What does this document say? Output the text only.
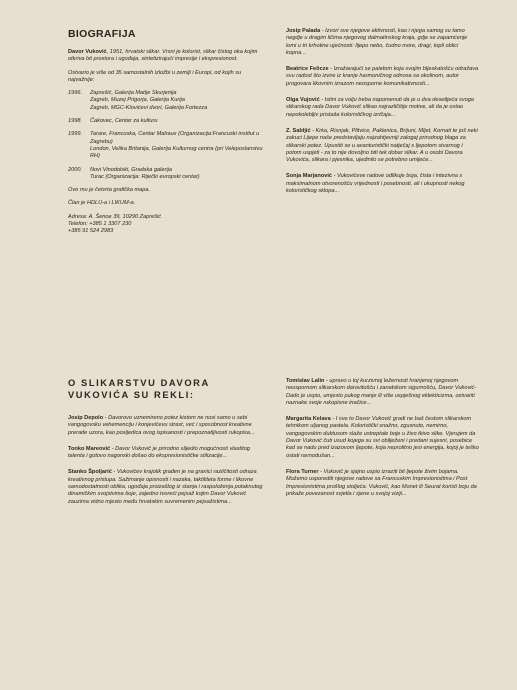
BIOGRAFIJA

Davor Vuković, 1951, hrvatski slikar. Vrsni je kolorist, slikar čistog oka kojim otkriva bit prostora i ugođaja, sintetizirajući impresije i ekspresionost.

Ostvario je više od 35 samostalnih izložbi u zemlji i Europi, od kojih su najvažnije:

1996.	Zaprešić, Galerija Matije Skurjenija
Zagreb, Muzej Prigorja, Galerija Kurija
Zagreb, MGC-Klovićevi dvori, Galerija Fortezza
1998.	Čakovec, Centar za kulturu
1999.	Tarare, Francuska, Centar Malraux (Organizacija:Francuski institut u Zagrebu)
London, Velika Britanija, Galerija Kulturnog centra (pri Veleposlanstvu RH)
2000.	Novi Vinodolski, Gradska galerija
Turac (Organizacija: Riječki europski centar)

Ovo mu je četvrta grafička mapa.

Član je HDLU-a i LIKUM-a.

Adresa: A. Šenoe 39, 10290 Zaprešić
Telefon: +385 1 3307 230
+385 91 524 2983

Josip Palada - Izvori sve njegove aktivnosti, kao i njega samog su tamo negdje u dragim ličima njegovog dalmatinskog kraja, gdje se zapamćenje lomi u tri krhotine ujećnosti: lijepo nebo, čudno more, dragi, topli oblici kopna...

Beatrice Feõcze - Izražavajući se paletom koja svojim bljeskatošću odražava svu radost što izvire iz kranje harmoničnog odnosa sa okolinom, autor progovara likovnim izrazom neosporne komunikativnosti...

Olga Vujović - Istini za volju treba napomenuti da je u dva desetljeća svoga slikarskog rada Davor Vuković slikao najrazličitije motive, ali da je ostao nepokolebljiv pristaša kolorističkog izričaja...

Z. Sabljić - Krka, Risnjak, Plitvice, Paklenica, Brijuni, Mljet, Kornati te još neki zakuci Lijepe naše predstavljaju najzahtjevniji zalogaj prirodnog blaga za slikarski potez. Upustiti se u avanturistički natječaj s ljepotom stvarnog i potom uspjeti - za to nije dovoljno biti tek dobar slikar. A u osobi Davora Vukovića, slikara i pjesnika, ujedinilo se potrebno umijeće...

Sonja Marjanović - Vukovićeve radove odlikuje boja, čista i intezivna s maksimalnom otvorenošću vrijednosti i posebnosti, ali i ukupnosti nekog kolorističkog sklopa...

O SLIKARSTVU DAVORA VUKOVIĆA SU REKLI:

Josip Depolo - Davorovo uznemireno potez kistom ne nosi samo u sebi vangogovsku vehemenciju i konjevićevu strast, već i sposobnost kreativne prerade uzora, kao posljedica ovog ispisanosti i prepoznatljivosti rukopisa...

Tonko Mareović - Davor Vuković je prirodno slijedio mogućnosti vlastitog talenta i gotovo nagonski došao do ekspresionističke stilizacije...

Stanko Špoljarić - Vukovićev krajolik građen je na granici različitosti odraza kreativnog pristupa. Sažimanje opisnosti i nazaka, taktiliteta forme i likovne samodostatnosti oblika, ugođaja proizašlog iz stanja i raspoloženja potaknutog dinamičkim svojstvima boje, zajedno tvoreći pejsaž kojim Davor Vuković zauzima vidno mjesto među hrvatskim suvremenim pejsažistima...

Tomislav Lalin - upravo u toj kurzivnoj ležernosti hranjenoj njegovom neospornom slikarskom darovitošću i zanatskom sigurnošću, Davor Vuković-Dado je uspio, umjesto pukog manje ili više uspješnog eklekticizma, ostvariti naznake svoje rukopisne inačice...

Margarita Kelava - I sve to Davor Vuković gradi ne baš čestom slikarskom tehnikom uljanog pastela. Koloristički snažno, zgusnuto, nemirno, vangogovskim duktusom slaže ustreptale boje u živo tkivo slike. Vjerujem da Davor Vuković čuti usud kojega su svi obilježeni i predani sujesni, posebice kad se nadu pred izazovom ljepote, koja neprolitno jesi energija, kojoj je teško ostati ravnodušan...

Flora Turner - Vuković je sjajno uspio izraziti bit ljepote živim bojama. Možemo usporediti njegove radove sa Francuskim Impresionistima i Post Impresionistima prošlog stoljeća. Vuković, kao Monet ili Seurat koristi boju da prikaže povezanost svjetla i sjene u svojoj viziji...
